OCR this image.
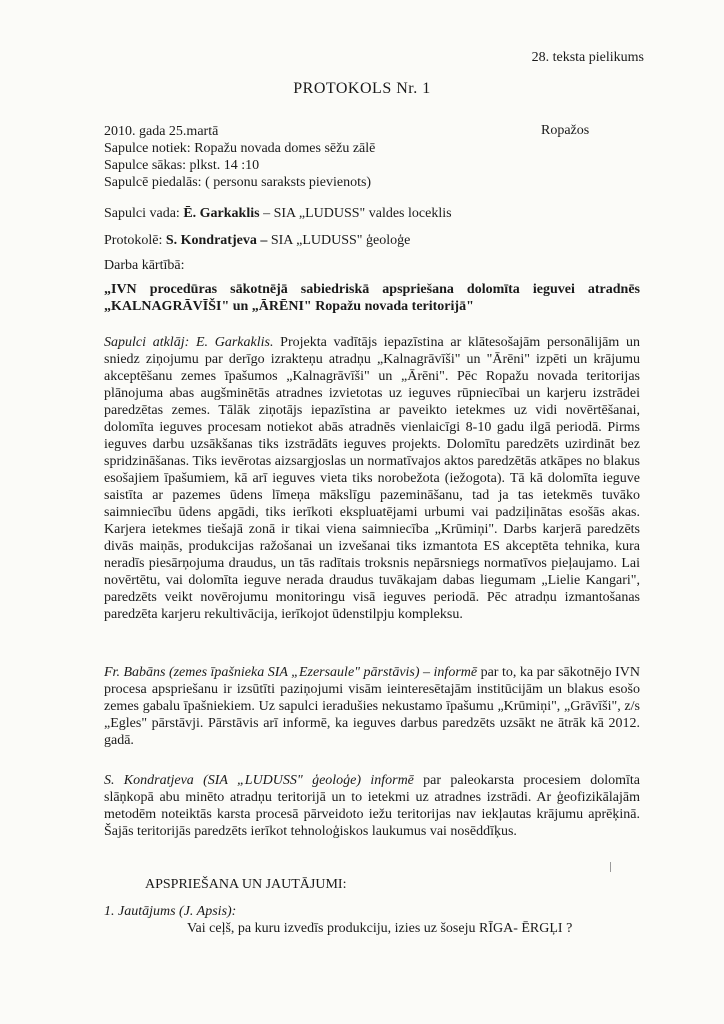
28. teksta pielikums
PROTOKOLS Nr. 1
2010. gada 25.martā
Sapulce notiek: Ropažu novada domes sēžu zālē
Sapulce sākas: plkst. 14 :10
Sapulcē piedalās: ( personu saraksts pievienots)
Ropažos
Sapulci vada: Ē. Garkaklis – SIA „LUDUSS" valdes loceklis
Protokolē: S. Kondratjeva – SIA „LUDUSS" ģeoloģe
Darba kārtībā:
„IVN procedūras sākotnējā sabiedriskā apspriešana dolomīta ieguvei atradnēs „KALNAGRĀVĪŠI" un „ĀRĒNI" Ropažu novada teritorijā"
Sapulci atklāj: E. Garkaklis. Projekta vadītājs iepazīstina ar klātesošajām personālijām un sniedz ziņojumu par derīgo izrakteņu atradņu „Kalnagrāvīši" un "Ārēni" izpēti un krājumu akceptēšanu zemes īpašumos „Kalnagrāvīši" un „Ārēni". Pēc Ropažu novada teritorijas plānojuma abas augšminētās atradnes izvietotas uz ieguves rūpniecībai un karjeru izstrādei paredzētas zemes. Tālāk ziņotājs iepazīstina ar paveikto ietekmes uz vidi novērtēšanai, dolomīta ieguves procesam notiekot abās atradnēs vienlaicīgi 8-10 gadu ilgā periodā. Pirms ieguves darbu uzsākšanas tiks izstrādāts ieguves projekts. Dolomītu paredzēts uzirdināt bez spridzināšanas. Tiks ievērotas aizsargjoslas un normatīvajos aktos paredzētās atkāpes no blakus esošajiem īpašumiem, kā arī ieguves vieta tiks norobežota (iežogota). Tā kā dolomīta ieguve saistīta ar pazemes ūdens līmeņa mākslīgu pazemināšanu, tad ja tas ietekmēs tuvāko saimniecību ūdens apgādi, tiks ierīkoti ekspluatējami urbumi vai padziļinātas esošās akas. Karjera ietekmes tiešajā zonā ir tikai viena saimniecība „Krūmiņi". Darbs karjerā paredzēts divās maiņās, produkcijas ražošanai un izvešanai tiks izmantota ES akceptēta tehnika, kura neradīs piesārņojuma draudus, un tās radītais troksnis nepārsniegs normatīvos pieļaujamo. Lai novērtētu, vai dolomīta ieguve nerada draudus tuvākajam dabas liegumam „Lielie Kangari", paredzēts veikt novērojumu monitoringu visā ieguves periodā. Pēc atradņu izmantošanas paredzēta karjeru rekultivācija, ierīkojot ūdenstilpju kompleksu.
Fr. Babāns (zemes īpašnieka SIA „Ezersaule" pārstāvis) – informē par to, ka par sākotnējo IVN procesa apspriešanu ir izsūtīti paziņojumi visām ieinteresētajām institūcijām un blakus esošo zemes gabalu īpašniekiem. Uz sapulci ieradušies nekustamo īpašumu „Krūmiņi", „Grāvīši", z/s „Egles" pārstāvji. Pārstāvis arī informē, ka ieguves darbus paredzēts uzsākt ne ātrāk kā 2012. gadā.
S. Kondratjeva (SIA „LUDUSS" ģeoloģe) informē par paleokarsta procesiem dolomīta slāņkopā abu minēto atradņu teritorijā un to ietekmi uz atradnes izstrādi. Ar ģeofizikālajām metodēm noteiktās karsta procesā pārveidoto iežu teritorijas nav iekļautas krājumu aprēķinā. Šajās teritorijās paredzēts ierīkot tehnoloģiskos laukumus vai nosēddīķus.
APSPRIEŠANA UN JAUTĀJUMI:
1. Jautājums (J. Apsis):
Vai ceļš, pa kuru izvedīs produkciju, izies uz šoseju RĪGA- ĒRGĻI ?
